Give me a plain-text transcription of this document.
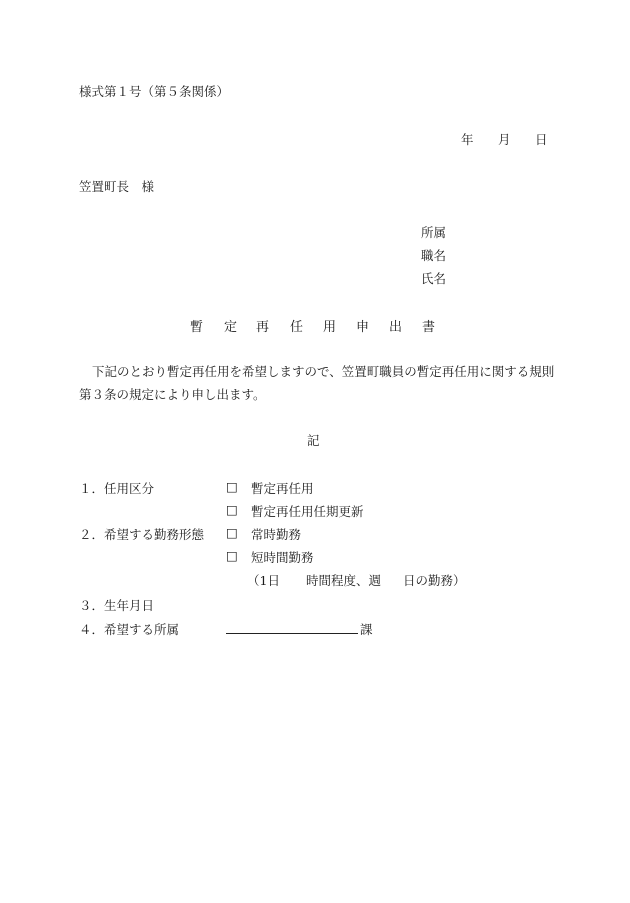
様式第１号（第５条関係）
年 月 日
笠置町長　様
所属
職名
氏名
暫 定 再 任 用 申 出 書
下記のとおり暫定再任用を希望しますので、笠置町職員の暫定再任用に関する規則
第３条の規定により申し出ます。
記
１．任用区分	□ 暫定再任用
□ 暫定再任用任期更新
２．希望する勤務形態 □ 常時勤務
□ 短時間勤務
（1日 時間程度、週 日の勤務）
３．生年月日
４．希望する所属	課
